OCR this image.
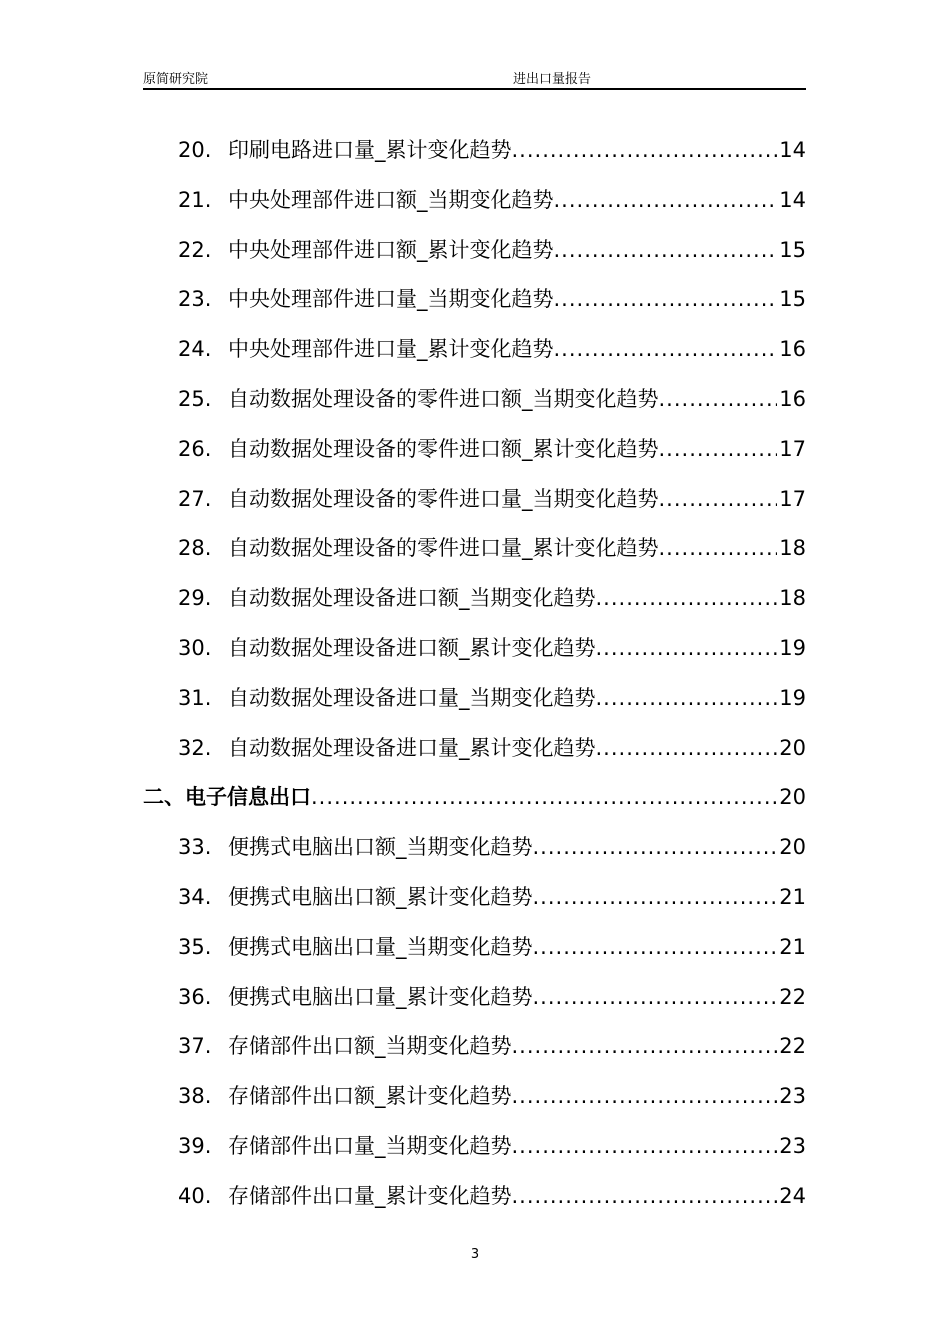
原简研究院	进出口量报告
20. 印刷电路进口量_累计变化趋势 .....	14
21. 中央处理部件进口额_当期变化趋势 .....	14
22. 中央处理部件进口额_累计变化趋势 .....	15
23. 中央处理部件进口量_当期变化趋势 .....	15
24. 中央处理部件进口量_累计变化趋势 .....	16
25. 自动数据处理设备的零件进口额_当期变化趋势 .....	16
26. 自动数据处理设备的零件进口额_累计变化趋势 .....	17
27. 自动数据处理设备的零件进口量_当期变化趋势 .....	17
28. 自动数据处理设备的零件进口量_累计变化趋势 .....	18
29. 自动数据处理设备进口额_当期变化趋势 .....	18
30. 自动数据处理设备进口额_累计变化趋势 .....	19
31. 自动数据处理设备进口量_当期变化趋势 .....	19
32. 自动数据处理设备进口量_累计变化趋势 .....	20
二、电子信息出口 .....	20
33. 便携式电脑出口额_当期变化趋势 .....	20
34. 便携式电脑出口额_累计变化趋势 .....	21
35. 便携式电脑出口量_当期变化趋势 .....	21
36. 便携式电脑出口量_累计变化趋势 .....	22
37. 存储部件出口额_当期变化趋势 .....	22
38. 存储部件出口额_累计变化趋势 .....	23
39. 存储部件出口量_当期变化趋势 .....	23
40. 存储部件出口量_累计变化趋势 .....	24
3
